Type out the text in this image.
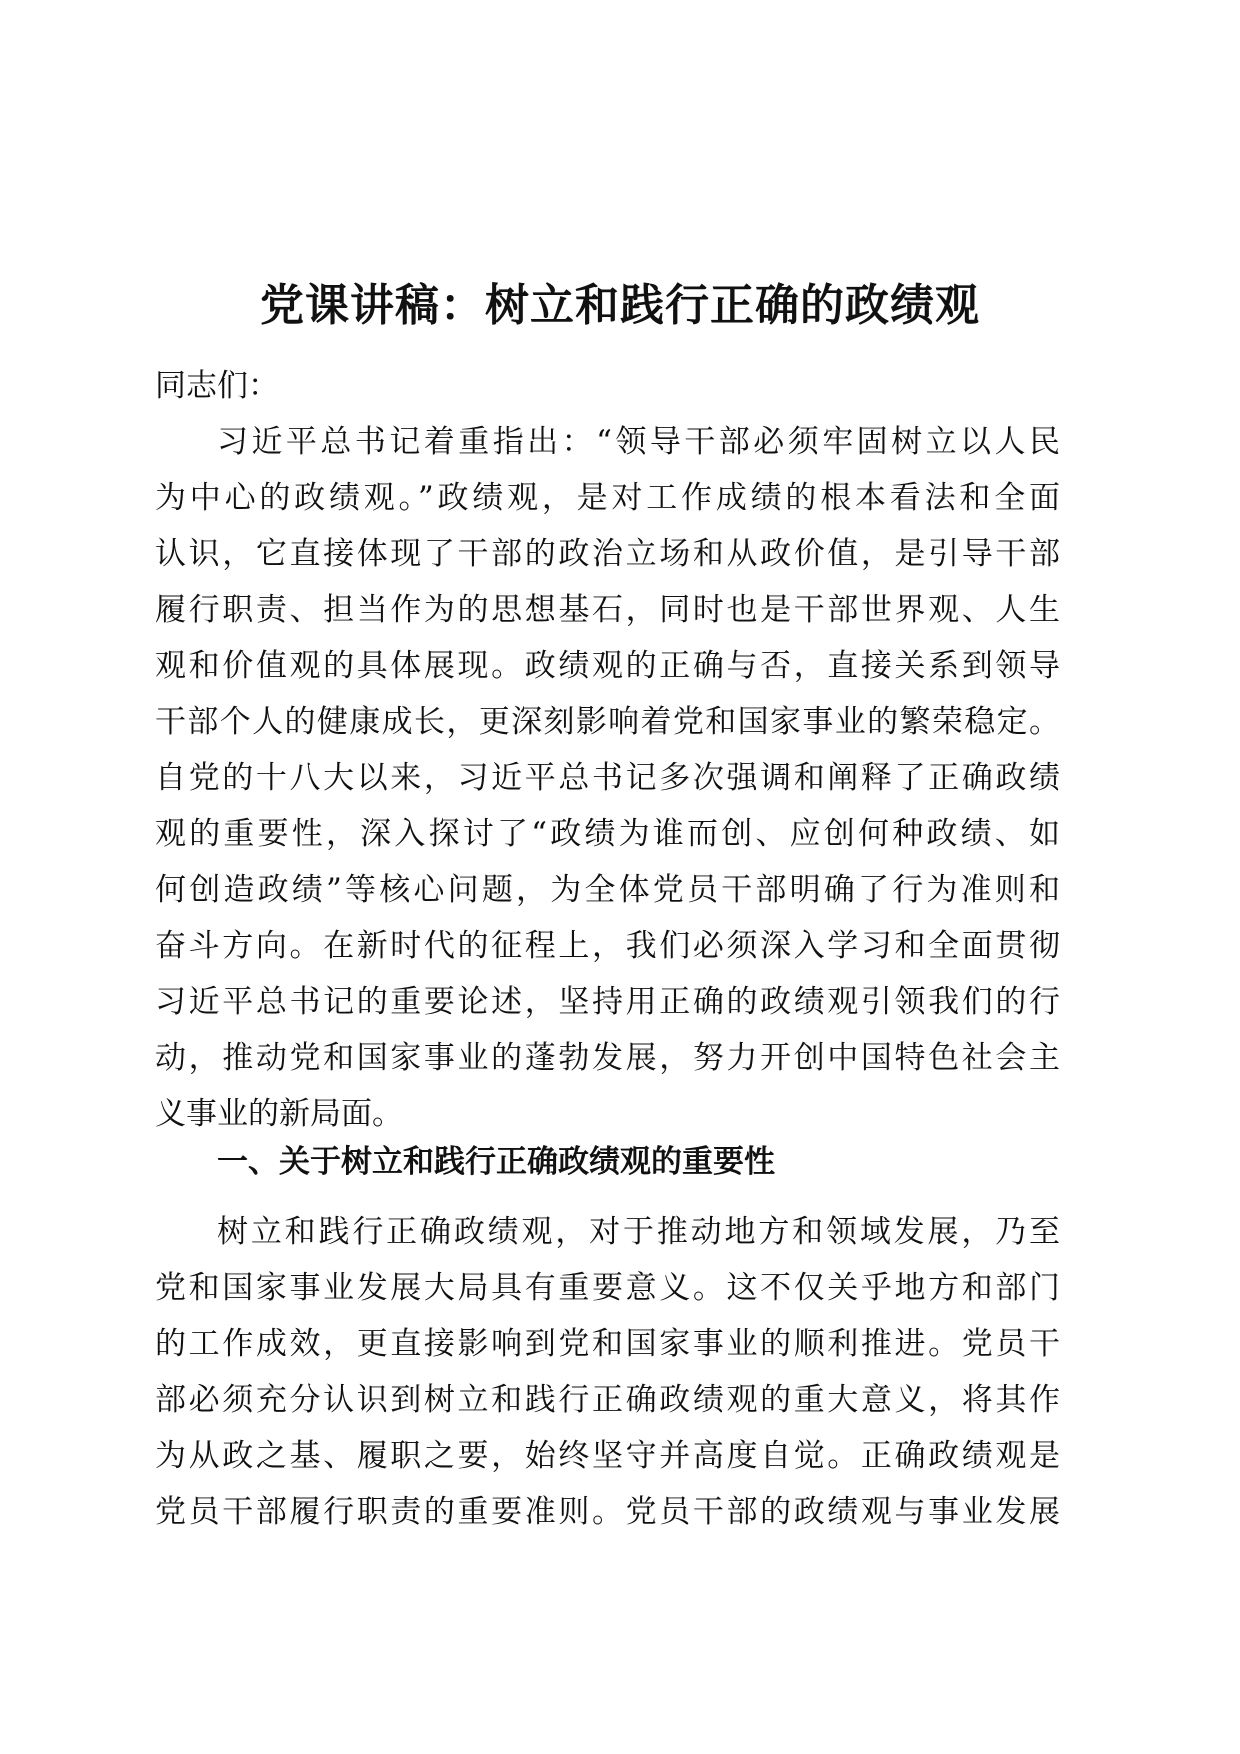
党课讲稿：树立和践行正确的政绩观
同志们：
习近平总书记着重指出：“领导干部必须牢固树立以人民
为中心的政绩观。”政绩观，是对工作成绩的根本看法和全面
认识，它直接体现了干部的政治立场和从政价值，是引导干部
履行职责、担当作为的思想基石，同时也是干部世界观、人生
观和价值观的具体展现。政绩观的正确与否，直接关系到领导
干部个人的健康成长，更深刻影响着党和国家事业的繁荣稳定。
自党的十八大以来，习近平总书记多次强调和阐释了正确政绩
观的重要性，深入探讨了“政绩为谁而创、应创何种政绩、如
何创造政绩”等核心问题，为全体党员干部明确了行为准则和
奋斗方向。在新时代的征程上，我们必须深入学习和全面贯彻
习近平总书记的重要论述，坚持用正确的政绩观引领我们的行
动，推动党和国家事业的蓬勃发展，努力开创中国特色社会主
义事业的新局面。
一、关于树立和践行正确政绩观的重要性
树立和践行正确政绩观，对于推动地方和领域发展，乃至
党和国家事业发展大局具有重要意义。这不仅关乎地方和部门
的工作成效，更直接影响到党和国家事业的顺利推进。党员干
部必须充分认识到树立和践行正确政绩观的重大意义，将其作
为从政之基、履职之要，始终坚守并高度自觉。正确政绩观是
党员干部履行职责的重要准则。党员干部的政绩观与事业发展
